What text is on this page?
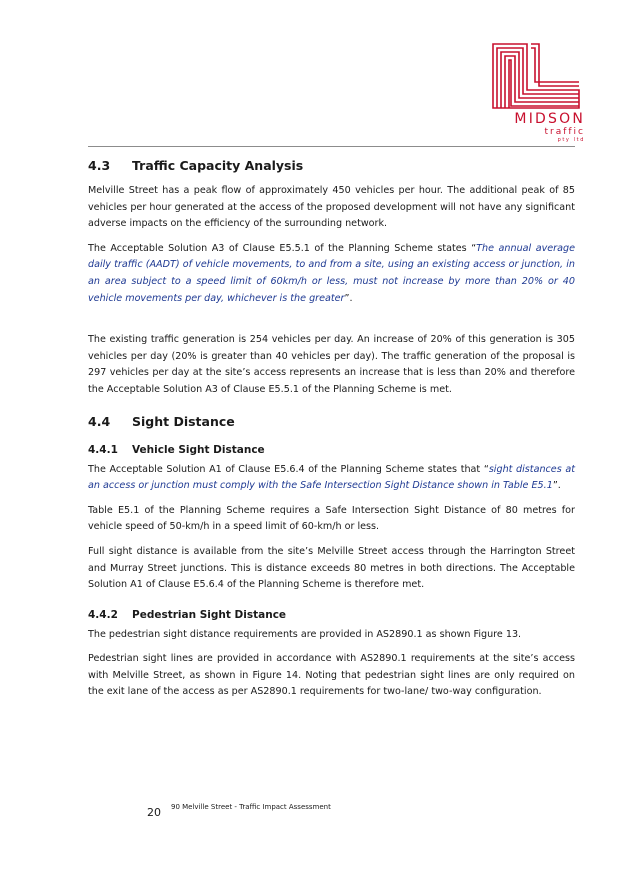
MIDSON
traffic
pty ltd
4.3	Traffic Capacity Analysis

Melville Street has a peak flow of approximately 450 vehicles per hour. The additional peak of 85 vehicles per hour generated at the access of the proposed development will not have any significant adverse impacts on the efficiency of the surrounding network.

The Acceptable Solution A3 of Clause E5.5.1 of the Planning Scheme states “The annual average daily traffic (AADT) of vehicle movements, to and from a site, using an existing access or junction, in an area subject to a speed limit of 60km/h or less, must not increase by more than 20% or 40 vehicle movements per day, whichever is the greater”.

The existing traffic generation is 254 vehicles per day. An increase of 20% of this generation is 305 vehicles per day (20% is greater than 40 vehicles per day). The traffic generation of the proposal is 297 vehicles per day at the site’s access represents an increase that is less than 20% and therefore the Acceptable Solution A3 of Clause E5.5.1 of the Planning Scheme is met.

4.4	Sight Distance
4.4.1	Vehicle Sight Distance

The Acceptable Solution A1 of Clause E5.6.4 of the Planning Scheme states that “sight distances at an access or junction must comply with the Safe Intersection Sight Distance shown in Table E5.1”.

Table E5.1 of the Planning Scheme requires a Safe Intersection Sight Distance of 80 metres for vehicle speed of 50-km/h in a speed limit of 60-km/h or less.

Full sight distance is available from the site’s Melville Street access through the Harrington Street and Murray Street junctions. This is distance exceeds 80 metres in both directions. The Acceptable Solution A1 of Clause E5.6.4 of the Planning Scheme is therefore met.

4.4.2	Pedestrian Sight Distance

The pedestrian sight distance requirements are provided in AS2890.1 as shown Figure 13.

Pedestrian sight lines are provided in accordance with AS2890.1 requirements at the site’s access with Melville Street, as shown in Figure 14. Noting that pedestrian sight lines are only required on the exit lane of the access as per AS2890.1 requirements for two-lane/ two-way configuration.

20 90 Melville Street - Traffic Impact Assessment
